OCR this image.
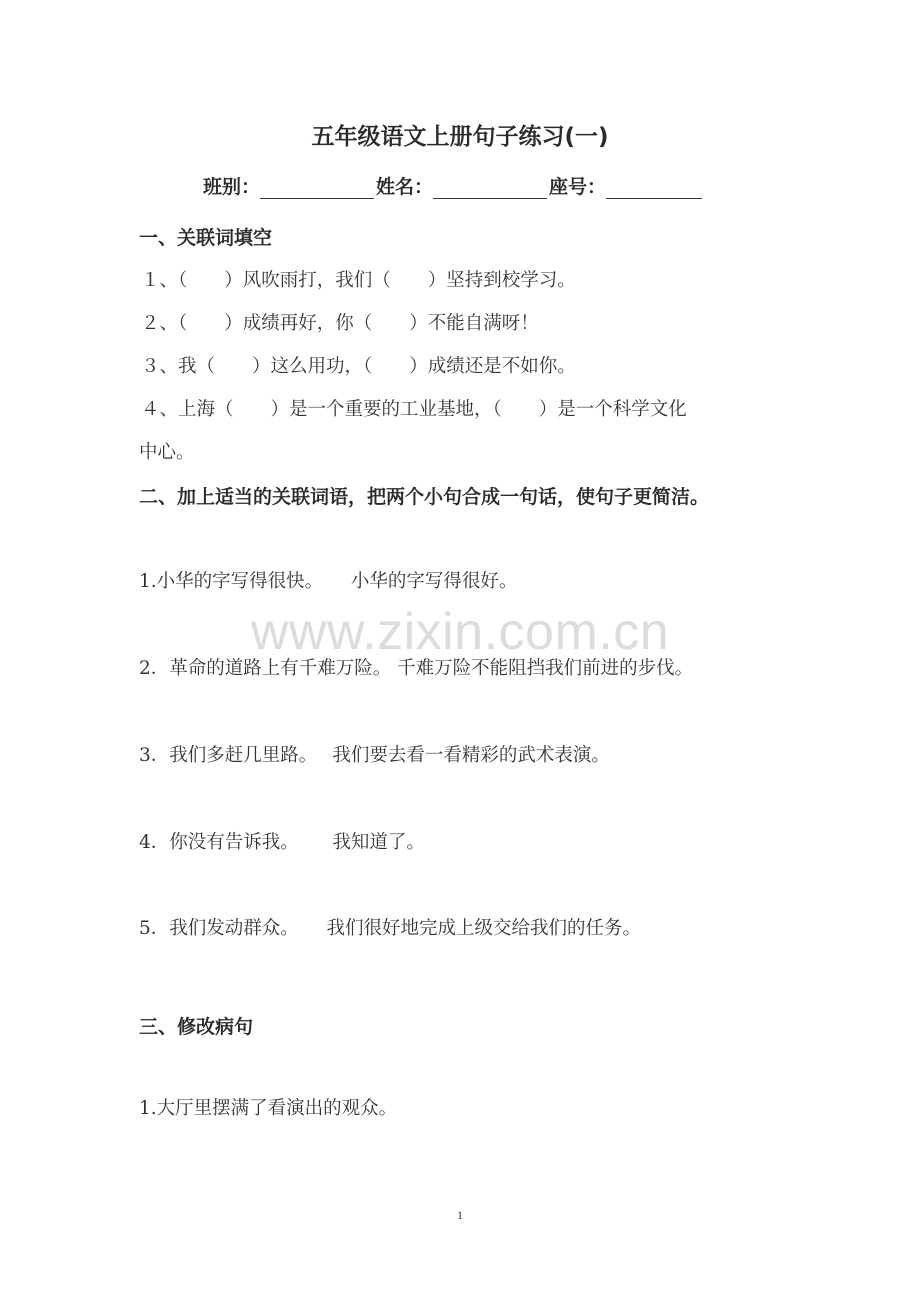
五年级语文上册句子练习(一)
班别：	姓名：	座号：
一、关联词填空
１、（　　）风吹雨打，我们（　　）坚持到校学习。
２、（　　）成绩再好，你（　　）不能自满呀！
３、我（　　）这么用功，（　　）成绩还是不如你。
４、上海（　　）是一个重要的工业基地，（　　）是一个科学文化
中心。
二、加上适当的关联词语，把两个小句合成一句话，使句子更简洁。
1.小华的字写得很快。　　小华的字写得很好。
2．革命的道路上有千难万险。 千难万险不能阻挡我们前进的步伐。
3．我们多赶几里路。　 我们要去看一看精彩的武术表演。
4．你没有告诉我。　　 我知道了。
5．我们发动群众。　　我们很好地完成上级交给我们的任务。
三、修改病句
1.大厅里摆满了看演出的观众。
www.zixin.com.cn
1
